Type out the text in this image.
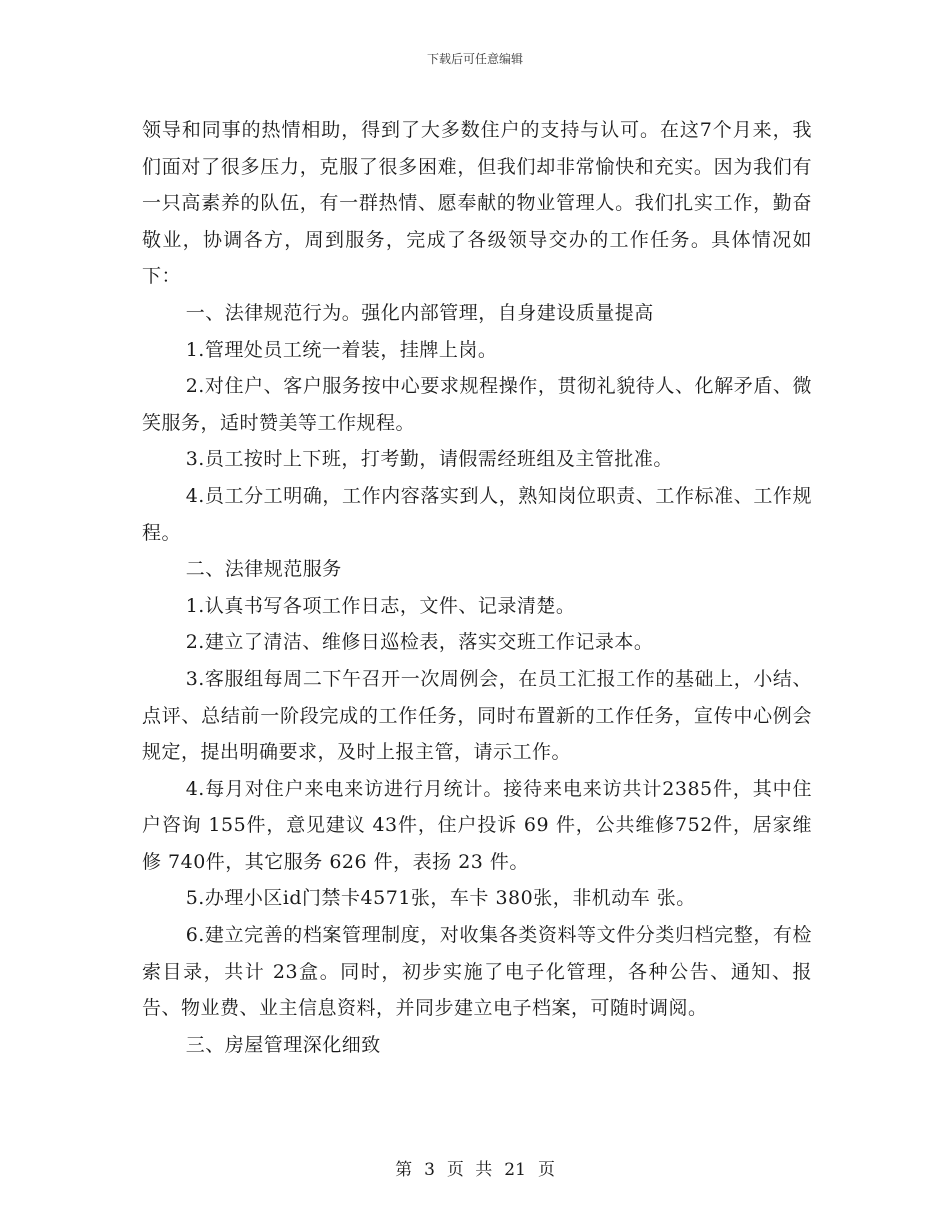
下载后可任意编辑

领导和同事的热情相助，得到了大多数住户的支持与认可。在这7个月来，我们面对了很多压力，克服了很多困难，但我们却非常愉快和充实。因为我们有一只高素养的队伍，有一群热情、愿奉献的物业管理人。我们扎实工作，勤奋敬业，协调各方，周到服务，完成了各级领导交办的工作任务。具体情况如下：

一、法律规范行为。强化内部管理，自身建设质量提高

1.管理处员工统一着装，挂牌上岗。

2.对住户、客户服务按中心要求规程操作，贯彻礼貌待人、化解矛盾、微笑服务，适时赞美等工作规程。

3.员工按时上下班，打考勤，请假需经班组及主管批准。

4.员工分工明确，工作内容落实到人，熟知岗位职责、工作标准、工作规程。

二、法律规范服务

1.认真书写各项工作日志，文件、记录清楚。

2.建立了清洁、维修日巡检表，落实交班工作记录本。

3.客服组每周二下午召开一次周例会，在员工汇报工作的基础上，小结、点评、总结前一阶段完成的工作任务，同时布置新的工作任务，宣传中心例会规定，提出明确要求，及时上报主管，请示工作。

4.每月对住户来电来访进行月统计。接待来电来访共计2385件，其中住户咨询 155件，意见建议 43件，住户投诉 69 件，公共维修752件，居家维修 740件，其它服务 626 件，表扬 23 件。

5.办理小区id门禁卡4571张，车卡 380张，非机动车 张。

6.建立完善的档案管理制度，对收集各类资料等文件分类归档完整，有检索目录，共计 23盒。同时，初步实施了电子化管理，各种公告、通知、报告、物业费、业主信息资料，并同步建立电子档案，可随时调阅。

三、房屋管理深化细致

第 3 页 共 21 页
